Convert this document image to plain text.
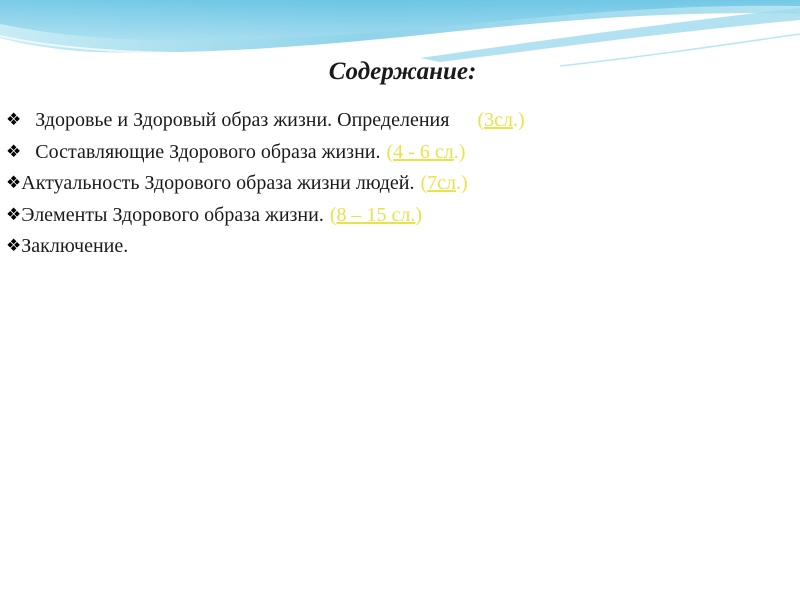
Содержание:
❖ Здоровье и Здоровый образ жизни. Определения (3сл.)
❖ Составляющие Здорового образа жизни. (4 - 6 сл.)
❖Актуальность Здорового образа жизни людей. (7сл.)
❖Элементы Здорового образа жизни. (8 – 15 сл.)
❖Заключение.
